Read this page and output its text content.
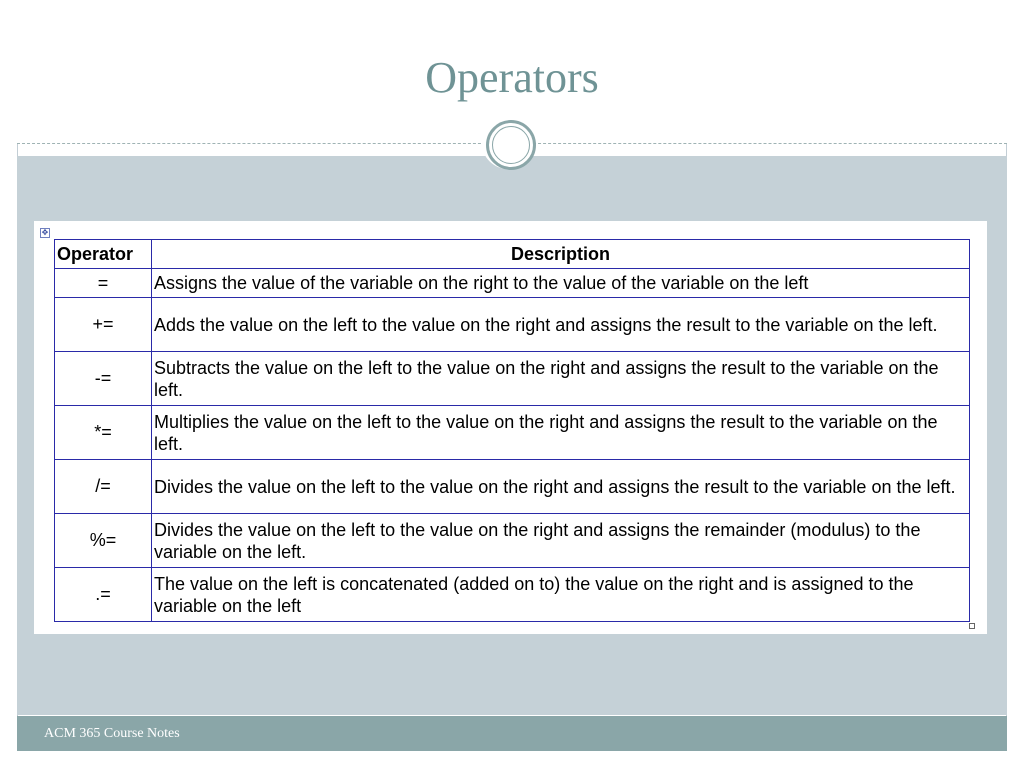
Operators
✥
Operator	Description
=	Assigns the value of the variable on the right to the value of the variable on the left
+=	Adds the value on the left to the value on the right and assigns the result to the variable on the left.
-=	Subtracts the value on the left to the value on the right and assigns the result to the variable on the left.
*=	Multiplies the value on the left to the value on the right and assigns the result to the variable on the left.
/=	Divides the value on the left to the value on the right and assigns the result to the variable on the left.
%=	Divides the value on the left to the value on the right and assigns the remainder (modulus) to the variable on the left.
.=	The value on the left is concatenated (added on to) the value on the right and is assigned to the variable on the left
ACM 365 Course Notes
